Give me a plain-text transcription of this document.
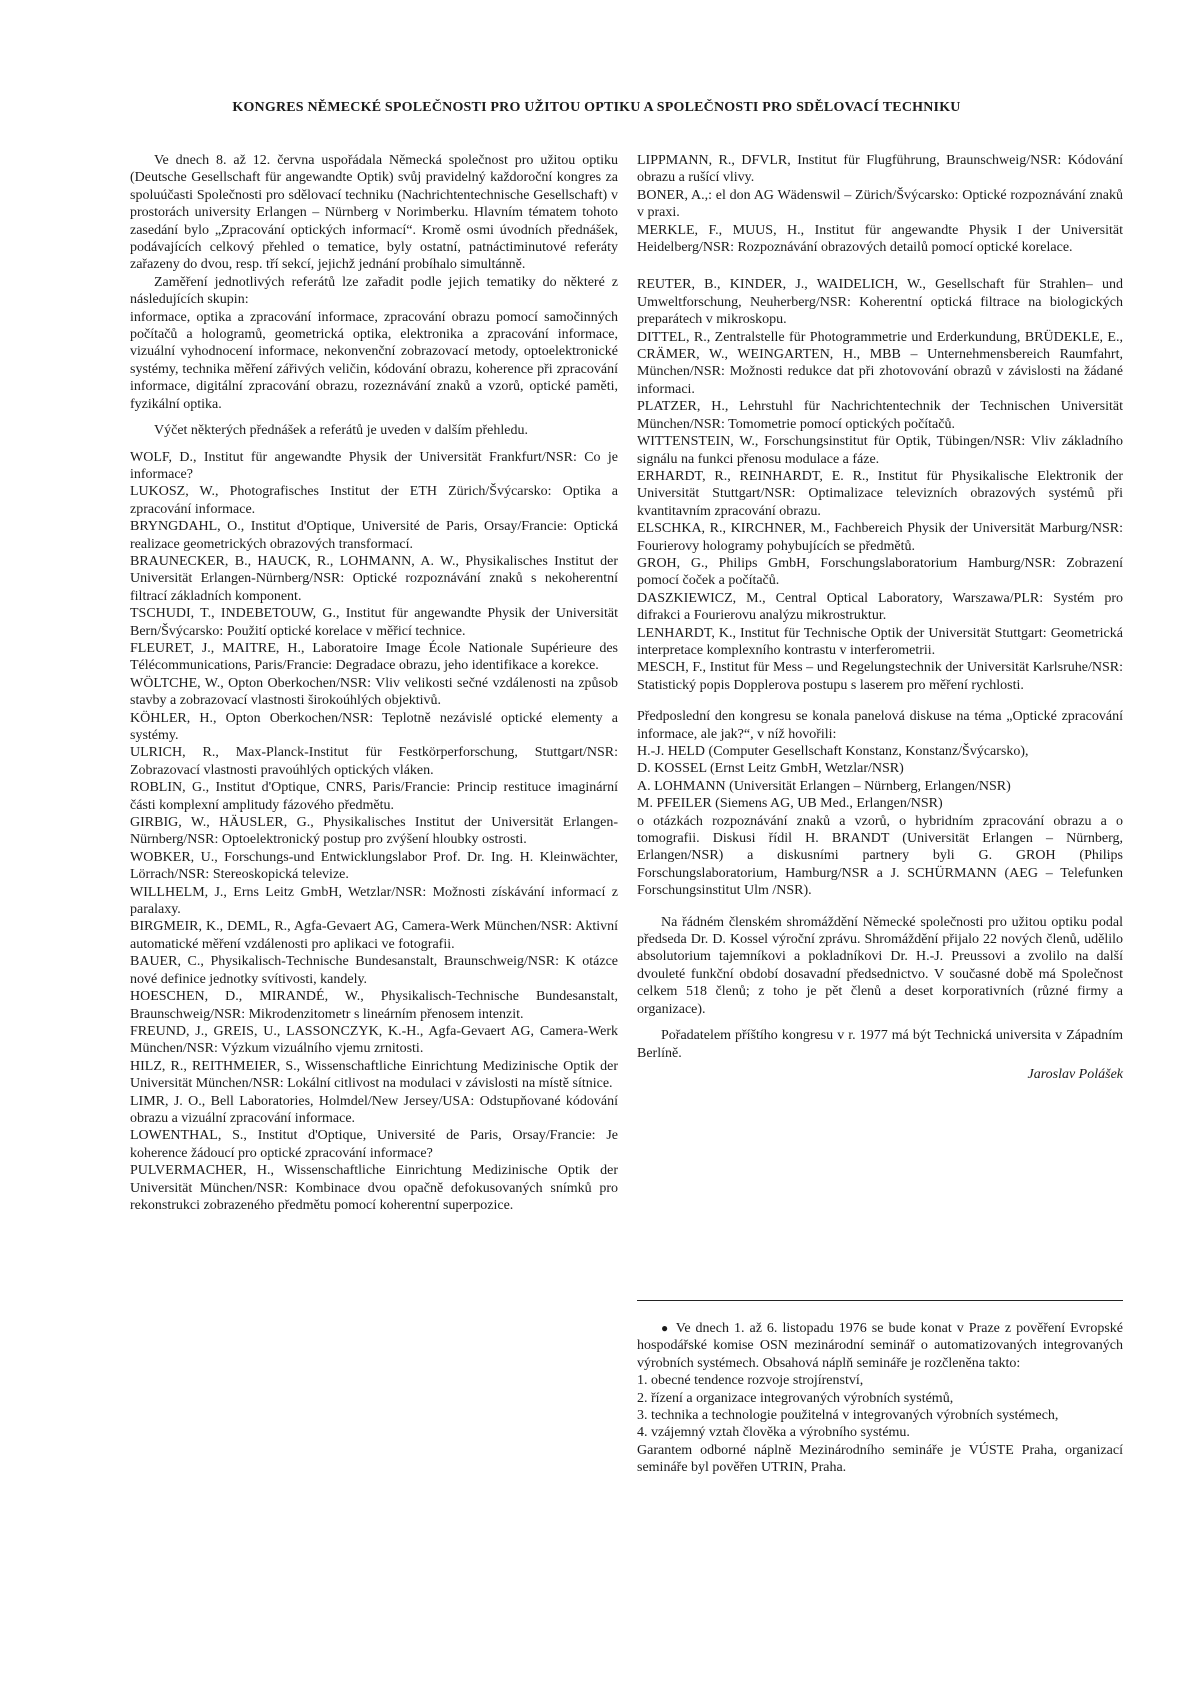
KONGRES NĚMECKÉ SPOLEČNOSTI PRO UŽITOU OPTIKU A SPOLEČNOSTI PRO SDĚLOVACÍ TECHNIKU

Ve dnech 8. až 12. června uspořádala Německá společnost pro užitou optiku (Deutsche Gesellschaft für angewandte Optik) svůj pravidelný každoroční kongres za spoluúčasti Společnosti pro sdělovací techniku (Nachrichtentechnische Gesellschaft) v prostorách university Erlangen – Nürnberg v Norimberku. Hlavním tématem tohoto zasedání bylo „Zpracování optických informací“. Kromě osmi úvodních přednášek, podávajících celkový přehled o tematice, byly ostatní, patnáctiminutové referáty zařazeny do dvou, resp. tří sekcí, jejichž jednání probíhalo simultánně.

Zaměření jednotlivých referátů lze zařadit podle jejich tematiky do některé z následujících skupin:

informace, optika a zpracování informace, zpracování obrazu pomocí samočinných počítačů a hologramů, geometrická optika, elektronika a zpracování informace, vizuální vyhodnocení informace, nekonvenční zobrazovací metody, optoelektronické systémy, technika měření zářivých veličin, kódování obrazu, koherence při zpracování informace, digitální zpracování obrazu, rozeznávání znaků a vzorů, optické paměti, fyzikální optika.

Výčet některých přednášek a referátů je uveden v dalším přehledu.

WOLF, D., Institut für angewandte Physik der Universität Frankfurt/NSR: Co je informace?

LUKOSZ, W., Photografisches Institut der ETH Zürich/Švýcarsko: Optika a zpracování informace.

BRYNGDAHL, O., Institut d'Optique, Université de Paris, Orsay/Francie: Optická realizace geometrických obrazových transformací.

BRAUNECKER, B., HAUCK, R., LOHMANN, A. W., Physikalisches Institut der Universität Erlangen-Nürnberg/NSR: Optické rozpoznávání znaků s nekoherentní filtrací základních komponent.

TSCHUDI, T., INDEBETOUW, G., Institut für angewandte Physik der Universität Bern/Švýcarsko: Použití optické korelace v měřicí technice.

FLEURET, J., MAITRE, H., Laboratoire Image École Nationale Supérieure des Télécommunications, Paris/Francie: Degradace obrazu, jeho identifikace a korekce.

WÖLTCHE, W., Opton Oberkochen/NSR: Vliv velikosti sečné vzdálenosti na způsob stavby a zobrazovací vlastnosti širokoúhlých objektivů.

KÖHLER, H., Opton Oberkochen/NSR: Teplotně nezávislé optické elementy a systémy.

ULRICH, R., Max-Planck-Institut für Festkörperforschung, Stuttgart/NSR: Zobrazovací vlastnosti pravoúhlých optických vláken.

ROBLIN, G., Institut d'Optique, CNRS, Paris/Francie: Princip restituce imaginární části komplexní amplitudy fázového předmětu.

GIRBIG, W., HÄUSLER, G., Physikalisches Institut der Universität Erlangen-Nürnberg/NSR: Optoelektronický postup pro zvýšení hloubky ostrosti.

WOBKER, U., Forschungs-und Entwicklungslabor Prof. Dr. Ing. H. Kleinwächter, Lörrach/NSR: Stereoskopická televize.

WILLHELM, J., Erns Leitz GmbH, Wetzlar/NSR: Možnosti získávání informací z paralaxy.

BIRGMEIR, K., DEML, R., Agfa-Gevaert AG, Camera-Werk München/NSR: Aktivní automatické měření vzdálenosti pro aplikaci ve fotografii.

BAUER, C., Physikalisch-Technische Bundesanstalt, Braunschweig/NSR: K otázce nové definice jednotky svítivosti, kandely.

HOESCHEN, D., MIRANDÉ, W., Physikalisch-Technische Bundesanstalt, Braunschweig/NSR: Mikrodenzitometr s lineárním přenosem intenzit.

FREUND, J., GREIS, U., LASSONCZYK, K.-H., Agfa-Gevaert AG, Camera-Werk München/NSR: Výzkum vizuálního vjemu zrnitosti.

HILZ, R., REITHMEIER, S., Wissenschaftliche Einrichtung Medizinische Optik der Universität München/NSR: Lokální citlivost na modulaci v závislosti na místě sítnice.

LIMR, J. O., Bell Laboratories, Holmdel/New Jersey/USA: Odstupňované kódování obrazu a vizuální zpracování informace.

LOWENTHAL, S., Institut d'Optique, Université de Paris, Orsay/Francie: Je koherence žádoucí pro optické zpracování informace?

PULVERMACHER, H., Wissenschaftliche Einrichtung Medizinische Optik der Universität München/NSR: Kombinace dvou opačně defokusovaných snímků pro rekonstrukci zobrazeného předmětu pomocí koherentní superpozice.

LIPPMANN, R., DFVLR, Institut für Flugführung, Braunschweig/NSR: Kódování obrazu a rušící vlivy.

BONER, A.,: el don AG Wädenswil – Zürich/Švýcarsko: Optické rozpoznávání znaků v praxi.

MERKLE, F., MUUS, H., Institut für angewandte Physik I der Universität Heidelberg/NSR: Rozpoznávání obrazových detailů pomocí optické korelace.

REUTER, B., KINDER, J., WAIDELICH, W., Gesellschaft für Strahlen– und Umweltforschung, Neuherberg/NSR: Koherentní optická filtrace na biologických preparátech v mikroskopu.

DITTEL, R., Zentralstelle für Photogrammetrie und Erderkundung, BRÜDEKLE, E., CRÄMER, W., WEINGARTEN, H., MBB – Unternehmensbereich Raumfahrt, München/NSR: Možnosti redukce dat při zhotovování obrazů v závislosti na žádané informaci.

PLATZER, H., Lehrstuhl für Nachrichtentechnik der Technischen Universität München/NSR: Tomometrie pomocí optických počítačů.

WITTENSTEIN, W., Forschungsinstitut für Optik, Tübingen/NSR: Vliv základního signálu na funkci přenosu modulace a fáze.

ERHARDT, R., REINHARDT, E. R., Institut für Physikalische Elektronik der Universität Stuttgart/NSR: Optimalizace televizních obrazových systémů při kvantitavním zpracování obrazu.

ELSCHKA, R., KIRCHNER, M., Fachbereich Physik der Universität Marburg/NSR: Fourierovy hologramy pohybujících se předmětů.

GROH, G., Philips GmbH, Forschungslaboratorium Hamburg/NSR: Zobrazení pomocí čoček a počítačů.

DASZKIEWICZ, M., Central Optical Laboratory, Warszawa/PLR: Systém pro difrakci a Fourierovu analýzu mikrostruktur.

LENHARDT, K., Institut für Technische Optik der Universität Stuttgart: Geometrická interpretace komplexního kontrastu v interferometrii.

MESCH, F., Institut für Mess – und Regelungstechnik der Universität Karlsruhe/NSR: Statistický popis Dopplerova postupu s laserem pro měření rychlosti.

Předposlední den kongresu se konala panelová diskuse na téma „Optické zpracování informace, ale jak?“, v níž hovořili:

H.-J. HELD (Computer Gesellschaft Konstanz, Konstanz/Švýcarsko),

D. KOSSEL (Ernst Leitz GmbH, Wetzlar/NSR)

A. LOHMANN (Universität Erlangen – Nürnberg, Erlangen/NSR)

M. PFEILER (Siemens AG, UB Med., Erlangen/NSR)

o otázkách rozpoznávání znaků a vzorů, o hybridním zpracování obrazu a o tomografii. Diskusi řídil H. BRANDT (Universität Erlangen – Nürnberg, Erlangen/NSR) a diskusními partnery byli G. GROH (Philips Forschungslaboratorium, Hamburg/NSR a J. SCHÜRMANN (AEG – Telefunken Forschungsinstitut Ulm /NSR).

Na řádném členském shromáždění Německé společnosti pro užitou optiku podal předseda Dr. D. Kossel výroční zprávu. Shromáždění přijalo 22 nových členů, udělilo absolutorium tajemníkovi a pokladníkovi Dr. H.-J. Preussovi a zvolilo na další dvouleté funkční období dosavadní předsednictvo. V současné době má Společnost celkem 518 členů; z toho je pět členů a deset korporativních (různé firmy a organizace).

Pořadatelem příštího kongresu v r. 1977 má být Technická universita v Západním Berlíně.

Jaroslav Polášek

● Ve dnech 1. až 6. listopadu 1976 se bude konat v Praze z pověření Evropské hospodářské komise OSN mezinárodní seminář o automatizovaných integrovaných výrobních systémech. Obsahová náplň semináře je rozčleněna takto:

1. obecné tendence rozvoje strojírenství,
2. řízení a organizace integrovaných výrobních systémů,
3. technika a technologie použitelná v integrovaných výrobních systémech,
4. vzájemný vztah člověka a výrobního systému.

Garantem odborné náplně Mezinárodního semináře je VÚSTE Praha, organizací semináře byl pověřen UTRIN, Praha.
